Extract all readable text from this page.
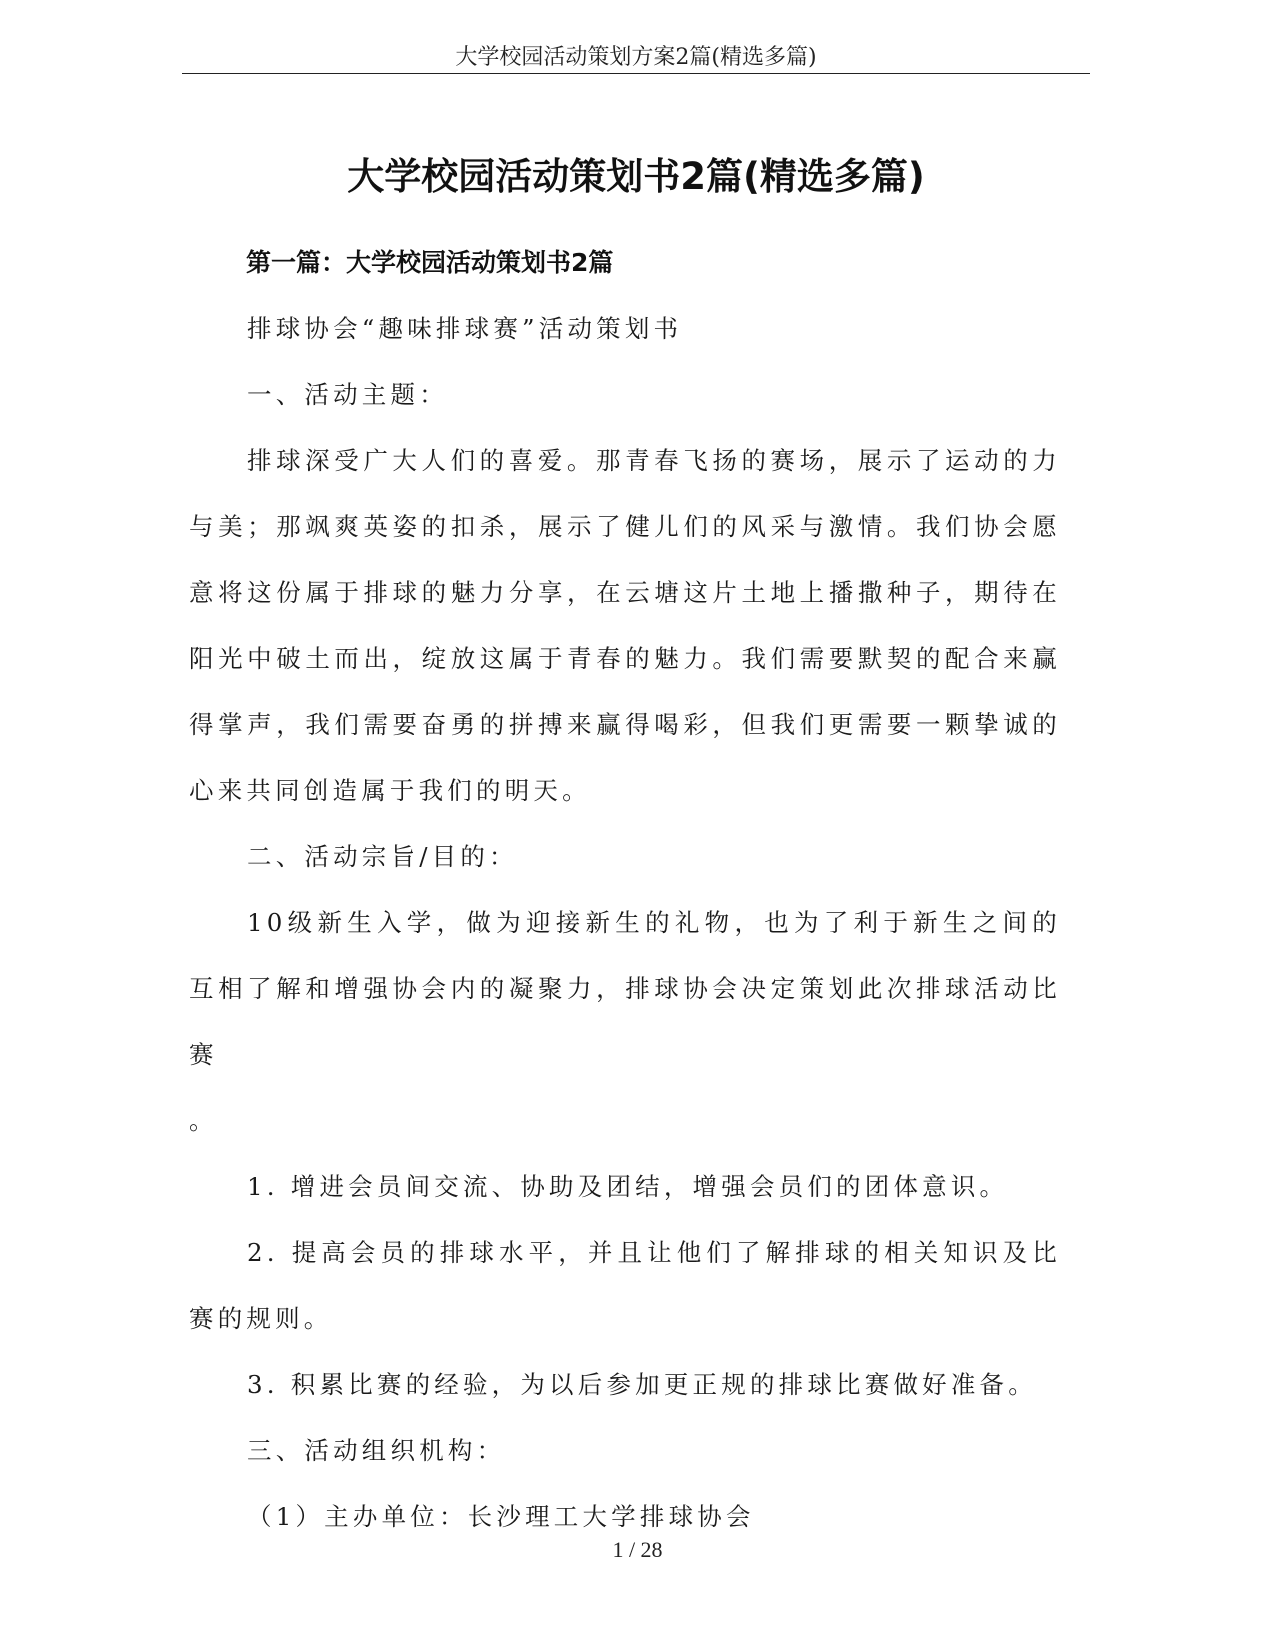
大学校园活动策划方案2篇(精选多篇)
大学校园活动策划书2篇(精选多篇)
第一篇：大学校园活动策划书2篇

排球协会“趣味排球赛”活动策划书

一、活动主题：

排球深受广大人们的喜爱。那青春飞扬的赛场，展示了运动的力与美；那飒爽英姿的扣杀，展示了健儿们的风采与激情。我们协会愿意将这份属于排球的魅力分享，在云塘这片土地上播撒种子，期待在阳光中破土而出，绽放这属于青春的魅力。我们需要默契的配合来赢得掌声，我们需要奋勇的拼搏来赢得喝彩，但我们更需要一颗挚诚的心来共同创造属于我们的明天。

二、活动宗旨/目的：

10级新生入学，做为迎接新生的礼物，也为了利于新生之间的互相了解和增强协会内的凝聚力，排球协会决定策划此次排球活动比赛

。

1. 增进会员间交流、协助及团结，增强会员们的团体意识。

2. 提高会员的排球水平，并且让他们了解排球的相关知识及比赛的规则。

3. 积累比赛的经验，为以后参加更正规的排球比赛做好准备。

三、活动组织机构：

（1）主办单位：长沙理工大学排球协会

1 / 28
